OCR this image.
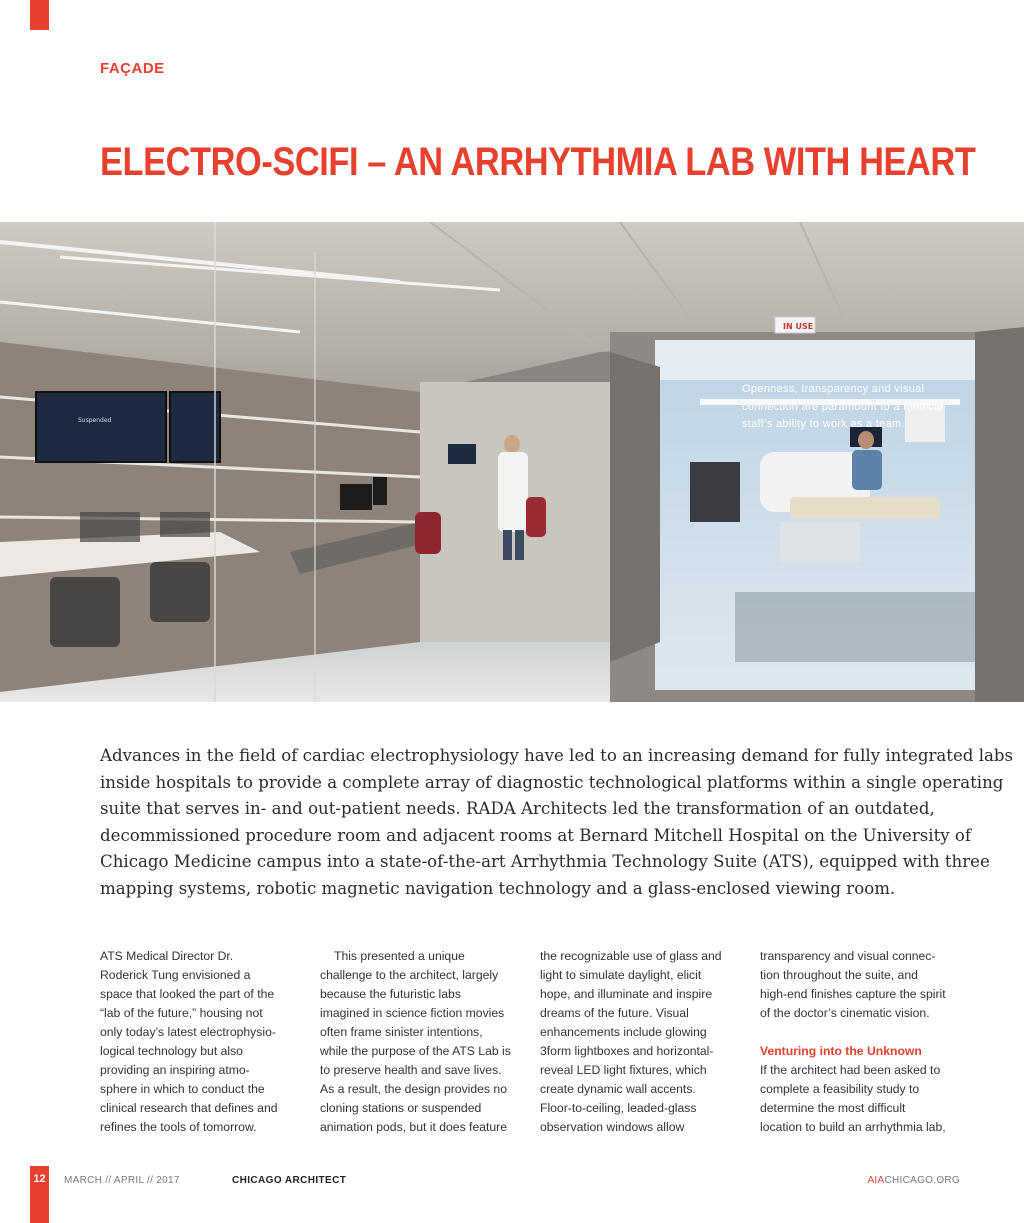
FAÇADE
ELECTRO-SCIFI – AN ARRHYTHMIA LAB WITH HEART
Suspended
IN USE
Openness, transparency and visual
connection are paramount to a medical
staff’s ability to work as a team.
Advances in the field of cardiac electrophysiology have led to an increasing demand for fully integrated labs
inside hospitals to provide a complete array of diagnostic technological platforms within a single operating
suite that serves in- and out-patient needs. RADA Architects led the transformation of an outdated,
decommissioned procedure room and adjacent rooms at Bernard Mitchell Hospital on the University of
Chicago Medicine campus into a state-of-the-art Arrhythmia Technology Suite (ATS), equipped with three
mapping systems, robotic magnetic navigation technology and a glass-enclosed viewing room.
ATS Medical Director Dr.
Roderick Tung envisioned a
space that looked the part of the
“lab of the future,” housing not
only today’s latest electrophysio-
logical technology but also
providing an inspiring atmo-
sphere in which to conduct the
clinical research that defines and
refines the tools of tomorrow.
This presented a unique
challenge to the architect, largely
because the futuristic labs
imagined in science fiction movies
often frame sinister intentions,
while the purpose of the ATS Lab is
to preserve health and save lives.
As a result, the design provides no
cloning stations or suspended
animation pods, but it does feature
the recognizable use of glass and
light to simulate daylight, elicit
hope, and illuminate and inspire
dreams of the future. Visual
enhancements include glowing
3form lightboxes and horizontal-
reveal LED light fixtures, which
create dynamic wall accents.
Floor-to-ceiling, leaded-glass
observation windows allow
transparency and visual connec-
tion throughout the suite, and
high-end finishes capture the spirit
of the doctor’s cinematic vision.
Venturing into the Unknown
If the architect had been asked to
complete a feasibility study to
determine the most difficult
location to build an arrhythmia lab,
12	MARCH // APRIL // 2017	CHICAGO ARCHITECT	AIACHICAGO.ORG
